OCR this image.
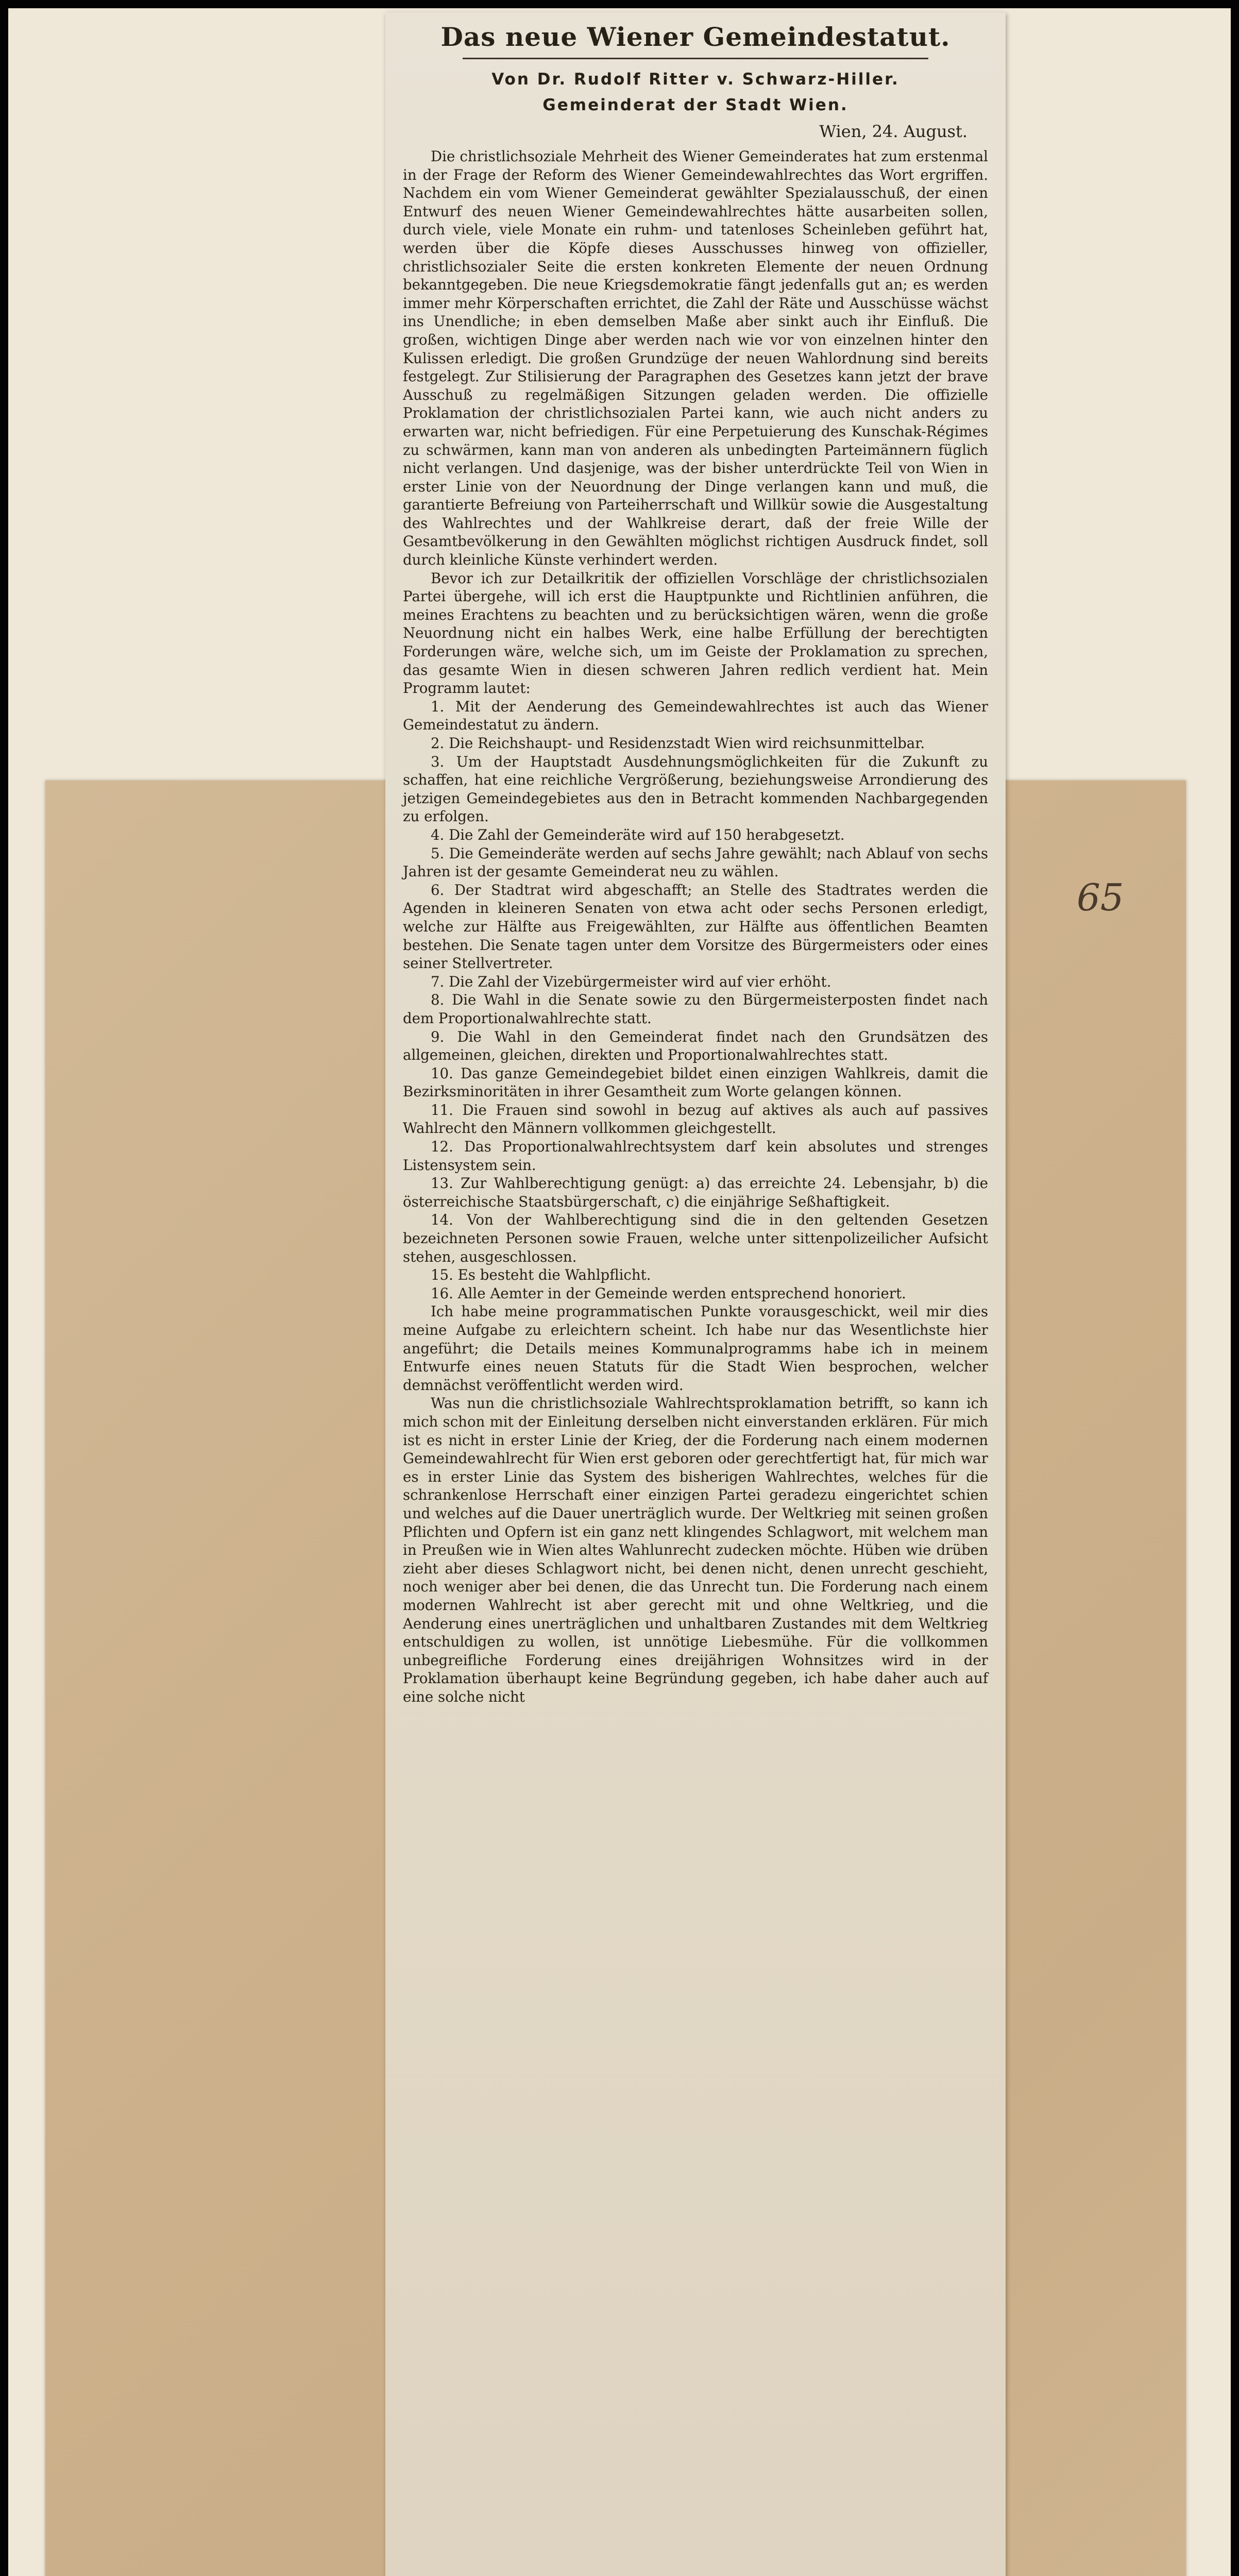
65
Das neue Wiener Gemeindestatut.
Von Dr. Rudolf Ritter v. Schwarz-Hiller.
Gemeinderat der Stadt Wien.
Wien, 24. August.

Die christlichsoziale Mehrheit des Wiener Gemeinderates hat zum erstenmal in der Frage der Reform des Wiener Gemeindewahlrechtes das Wort ergriffen. Nachdem ein vom Wiener Gemeinderat gewählter Spezialausschuß, der einen Entwurf des neuen Wiener Gemeindewahlrechtes hätte ausarbeiten sollen, durch viele, viele Monate ein ruhm- und tatenloses Scheinleben geführt hat, werden über die Köpfe dieses Ausschusses hinweg von offizieller, christlichsozialer Seite die ersten konkreten Elemente der neuen Ordnung bekanntgegeben. Die neue Kriegsdemokratie fängt jedenfalls gut an; es werden immer mehr Körperschaften errichtet, die Zahl der Räte und Ausschüsse wächst ins Unendliche; in eben demselben Maße aber sinkt auch ihr Einfluß. Die großen, wichtigen Dinge aber werden nach wie vor von einzelnen hinter den Kulissen erledigt. Die großen Grundzüge der neuen Wahlordnung sind bereits festgelegt. Zur Stilisierung der Paragraphen des Gesetzes kann jetzt der brave Ausschuß zu regelmäßigen Sitzungen geladen werden. Die offizielle Proklamation der christlichsozialen Partei kann, wie auch nicht anders zu erwarten war, nicht befriedigen. Für eine Perpetuierung des Kunschak-Régimes zu schwärmen, kann man von anderen als unbedingten Parteimännern füglich nicht verlangen. Und dasjenige, was der bisher unterdrückte Teil von Wien in erster Linie von der Neuordnung der Dinge verlangen kann und muß, die garantierte Befreiung von Parteiherrschaft und Willkür sowie die Ausgestaltung des Wahlrechtes und der Wahlkreise derart, daß der freie Wille der Gesamtbevölkerung in den Gewählten möglichst richtigen Ausdruck findet, soll durch kleinliche Künste verhindert werden.

Bevor ich zur Detailkritik der offiziellen Vorschläge der christlichsozialen Partei übergehe, will ich erst die Hauptpunkte und Richtlinien anführen, die meines Erachtens zu beachten und zu berücksichtigen wären, wenn die große Neuordnung nicht ein halbes Werk, eine halbe Erfüllung der berechtigten Forderungen wäre, welche sich, um im Geiste der Proklamation zu sprechen, das gesamte Wien in diesen schweren Jahren redlich verdient hat. Mein Programm lautet:

1. Mit der Aenderung des Gemeindewahlrechtes ist auch das Wiener Gemeindestatut zu ändern.

2. Die Reichshaupt- und Residenzstadt Wien wird reichsunmittelbar.

3. Um der Hauptstadt Ausdehnungsmöglichkeiten für die Zukunft zu schaffen, hat eine reichliche Vergrößerung, beziehungsweise Arrondierung des jetzigen Gemeindegebietes aus den in Betracht kommenden Nachbargegenden zu erfolgen.

4. Die Zahl der Gemeinderäte wird auf 150 herabgesetzt.

5. Die Gemeinderäte werden auf sechs Jahre gewählt; nach Ablauf von sechs Jahren ist der gesamte Gemeinderat neu zu wählen.

6. Der Stadtrat wird abgeschafft; an Stelle des Stadtrates werden die Agenden in kleineren Senaten von etwa acht oder sechs Personen erledigt, welche zur Hälfte aus Freigewählten, zur Hälfte aus öffentlichen Beamten bestehen. Die Senate tagen unter dem Vorsitze des Bürgermeisters oder eines seiner Stellvertreter.

7. Die Zahl der Vizebürgermeister wird auf vier erhöht.

8. Die Wahl in die Senate sowie zu den Bürgermeisterposten findet nach dem Proportionalwahlrechte statt.

9. Die Wahl in den Gemeinderat findet nach den Grundsätzen des allgemeinen, gleichen, direkten und Proportionalwahlrechtes statt.

10. Das ganze Gemeindegebiet bildet einen einzigen Wahlkreis, damit die Bezirksminoritäten in ihrer Gesamtheit zum Worte gelangen können.

11. Die Frauen sind sowohl in bezug auf aktives als auch auf passives Wahlrecht den Männern vollkommen gleichgestellt.

12. Das Proportionalwahlrechtsystem darf kein absolutes und strenges Listensystem sein.

13. Zur Wahlberechtigung genügt: a) das erreichte 24. Lebensjahr, b) die österreichische Staatsbürgerschaft, c) die einjährige Seßhaftigkeit.

14. Von der Wahlberechtigung sind die in den geltenden Gesetzen bezeichneten Personen sowie Frauen, welche unter sittenpolizeilicher Aufsicht stehen, ausgeschlossen.

15. Es besteht die Wahlpflicht.

16. Alle Aemter in der Gemeinde werden entsprechend honoriert.

Ich habe meine programmatischen Punkte vorausgeschickt, weil mir dies meine Aufgabe zu erleichtern scheint. Ich habe nur das Wesentlichste hier angeführt; die Details meines Kommunalprogramms habe ich in meinem Entwurfe eines neuen Statuts für die Stadt Wien besprochen, welcher demnächst veröffentlicht werden wird.

Was nun die christlichsoziale Wahlrechtsproklamation betrifft, so kann ich mich schon mit der Einleitung derselben nicht einverstanden erklären. Für mich ist es nicht in erster Linie der Krieg, der die Forderung nach einem modernen Gemeindewahlrecht für Wien erst geboren oder gerechtfertigt hat, für mich war es in erster Linie das System des bisherigen Wahlrechtes, welches für die schrankenlose Herrschaft einer einzigen Partei geradezu eingerichtet schien und welches auf die Dauer unerträglich wurde. Der Weltkrieg mit seinen großen Pflichten und Opfern ist ein ganz nett klingendes Schlagwort, mit welchem man in Preußen wie in Wien altes Wahlunrecht zudecken möchte. Hüben wie drüben zieht aber dieses Schlagwort nicht, bei denen nicht, denen unrecht geschieht, noch weniger aber bei denen, die das Unrecht tun. Die Forderung nach einem modernen Wahlrecht ist aber gerecht mit und ohne Weltkrieg, und die Aenderung eines unerträglichen und unhaltbaren Zustandes mit dem Weltkrieg entschuldigen zu wollen, ist unnötige Liebesmühe. Für die vollkommen unbegreifliche Forderung eines dreijährigen Wohnsitzes wird in der Proklamation überhaupt keine Begründung gegeben, ich habe daher auch auf eine solche nicht
